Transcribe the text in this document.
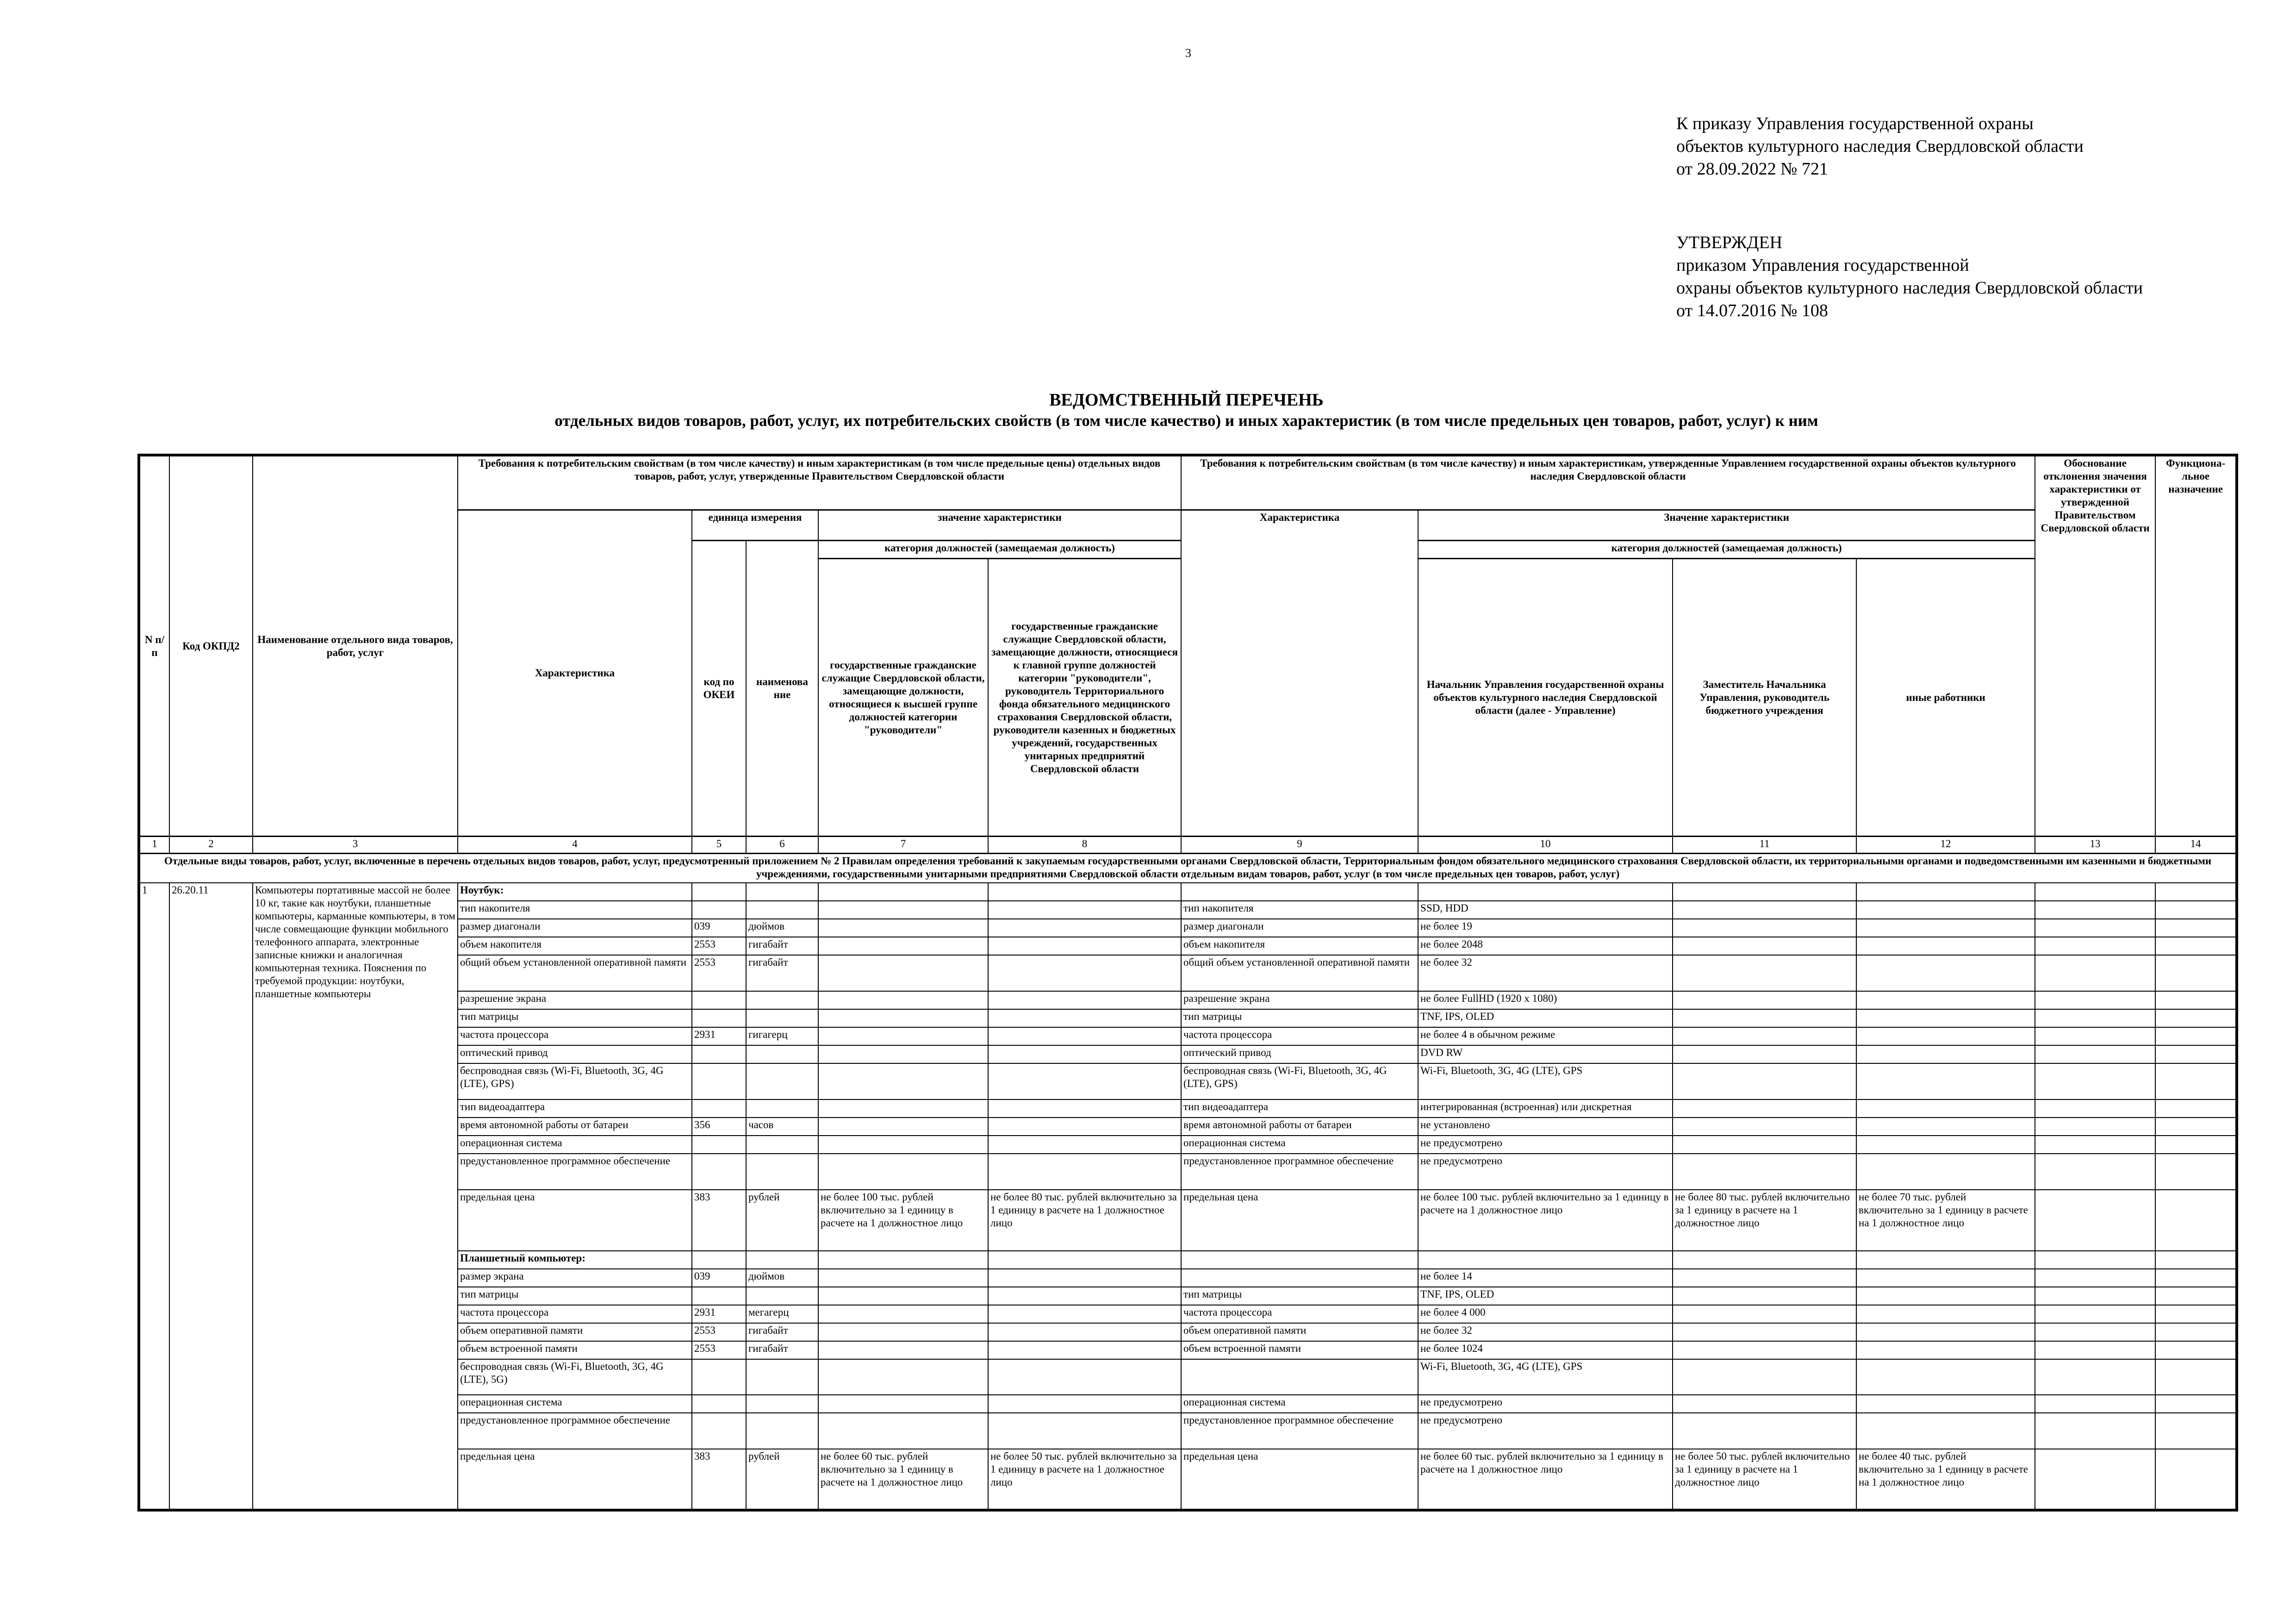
3
К приказу Управления государственной охраны
объектов культурного наследия Свердловской области
от 28.09.2022 № 721
УТВЕРЖДЕН
приказом Управления государственной
охраны объектов культурного наследия Свердловской области
от 14.07.2016 № 108
ВЕДОМСТВЕННЫЙ ПЕРЕЧЕНЬ
отдельных видов товаров, работ, услуг, их потребительских свойств (в том числе качество) и иных характеристик (в том числе предельных цен товаров, работ, услуг) к ним
N п/п	Код ОКПД2	Наименование отдельного вида товаров, работ, услуг	Требования к потребительским свойствам (в том числе качеству) и иным характеристикам (в том числе предельные цены) отдельных видов товаров, работ, услуг, утвержденные Правительством Свердловской области					Требования к потребительским свойствам (в том числе качеству) и иным характеристикам, утвержденные Управлением государственной охраны объектов культурного наследия Свердловской области				Обоснование отклонения значения характеристики от утвержденной Правительством Свердловской области	Функциона-льное назначение
			Характеристика	единица измерения		значение характеристики		Характеристика	Значение характеристики				
				код по ОКЕИ	наименова ние	категория должностей (замещаемая должность)			категория должностей (замещаемая должность)				
						государственные гражданские служащие Свердловской области, замещающие должности, относящиеся к высшей группе должностей категории "руководители"	государственные гражданские служащие Свердловской области, замещающие должности, относящиеся к главной группе должностей категории "руководители", руководитель Территориального фонда обязательного медицинского страхования Свердловской области, руководители казенных и бюджетных учреждений, государственных унитарных предприятий Свердловской области		Начальник Управления государственной охраны объектов культурного наследия Свердловской области (далее - Управление)	Заместитель Начальника Управления, руководитель бюджетного учреждения	иные работники		
1	2	3	4	5	6	7	8	9	10	11	12	13	14
Отдельные виды товаров, работ, услуг, включенные в перечень отдельных видов товаров, работ, услуг, предусмотренный приложением № 2 Правилам определения требований к закупаемым государственными органами Свердловской области, Территориальным фондом обязательного медицинского страхования Свердловской области, их территориальными органами и подведомственными им казенными и бюджетными учреждениями, государственными унитарными предприятиями Свердловской области отдельным видам товаров, работ, услуг (в том числе предельных цен товаров, работ, услуг)													
1	26.20.11	Компьютеры портативные массой не более 10 кг, такие как ноутбуки, планшетные компьютеры, карманные компьютеры, в том числе совмещающие функции мобильного телефонного аппарата, электронные записные книжки и аналогичная компьютерная техника. Пояснения по требуемой продукции: ноутбуки, планшетные компьютеры	Ноутбук:										
			тип накопителя					тип накопителя	SSD, HDD				
			размер диагонали	039	дюймов			размер диагонали	не более 19				
			объем накопителя	2553	гигабайт			объем накопителя	не более 2048				
			общий объем установленной оперативной памяти	2553	гигабайт			общий объем установленной оперативной памяти	не более 32				
			разрешение экрана					разрешение экрана	не более FullHD (1920 x 1080)				
			тип матрицы					тип матрицы	TNF, IPS, OLED				
			частота процессора	2931	гигагерц			частота процессора	не более 4 в обычном режиме				
			оптический привод					оптический привод	DVD RW				
			беспроводная связь (Wi-Fi, Bluetooth, 3G, 4G (LTE), GPS)					беспроводная связь (Wi-Fi, Bluetooth, 3G, 4G (LTE), GPS)	Wi-Fi, Bluetooth, 3G, 4G (LTE), GPS				
			тип видеоадаптера					тип видеоадаптера	интегрированная (встроенная) или дискретная				
			время автономной работы от батареи	356	часов			время автономной работы от батареи	не установлено				
			операционная система					операционная система	не предусмотрено				
			предустановленное программное обеспечение					предустановленное программное обеспечение	не предусмотрено				
			предельная цена	383	рублей	не более 100 тыс. рублей включительно за 1 единицу в расчете на 1 должностное лицо	не более 80 тыс. рублей включительно за 1 единицу в расчете на 1 должностное лицо	предельная цена	не более 100 тыс. рублей включительно за 1 единицу в расчете на 1 должностное лицо	не более 80 тыс. рублей включительно за 1 единицу в расчете на 1 должностное лицо	не более 70 тыс. рублей включительно за 1 единицу в расчете на 1 должностное лицо		
			Планшетный компьютер:										
			размер экрана	039	дюймов				не более 14				
			тип матрицы					тип матрицы	TNF, IPS, OLED				
			частота процессора	2931	мегагерц			частота процессора	не более 4 000				
			объем оперативной памяти	2553	гигабайт			объем оперативной памяти	не более 32				
			объем встроенной памяти	2553	гигабайт			объем встроенной памяти	не более 1024				
			беспроводная связь (Wi-Fi, Bluetooth, 3G, 4G (LTE), 5G)						Wi-Fi, Bluetooth, 3G, 4G (LTE), GPS				
			операционная система					операционная система	не предусмотрено				
			предустановленное программное обеспечение					предустановленное программное обеспечение	не предусмотрено				
			предельная цена	383	рублей	не более 60 тыс. рублей включительно за 1 единицу в расчете на 1 должностное лицо	не более 50 тыс. рублей включительно за 1 единицу в расчете на 1 должностное лицо	предельная цена	не более 60 тыс. рублей включительно за 1 единицу в расчете на 1 должностное лицо	не более 50 тыс. рублей включительно за 1 единицу в расчете на 1 должностное лицо	не более 40 тыс. рублей включительно за 1 единицу в расчете на 1 должностное лицо		
